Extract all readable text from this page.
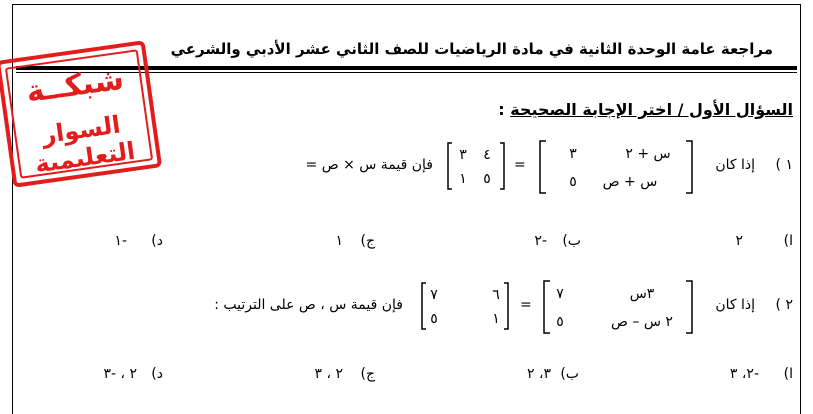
مراجعة عامة الوحدة الثانية في مادة الرياضيات للصف الثاني عشر الأدبي والشرعي
السؤال الأول / اختر الإجابة الصحيحة :
شبكــة
السوار التعليمية	١ )
إذا كان
س + ٢
٣
س + ص
٥
=
٤
٣
٥
١
فإن قيمة س × ص =
ا)
٢
ب)
-٢
ج)
١
د)
-١
٢ )
إذا كان
٣س
٧
٢ س – ص
٥
=
٦
٧
١
٥
فإن قيمة س ، ص على الترتيب :
ا)
-٢، ٣
ب)
٣، ٢
ج)
٢ ، ٣
د)
٢ ، -٣
